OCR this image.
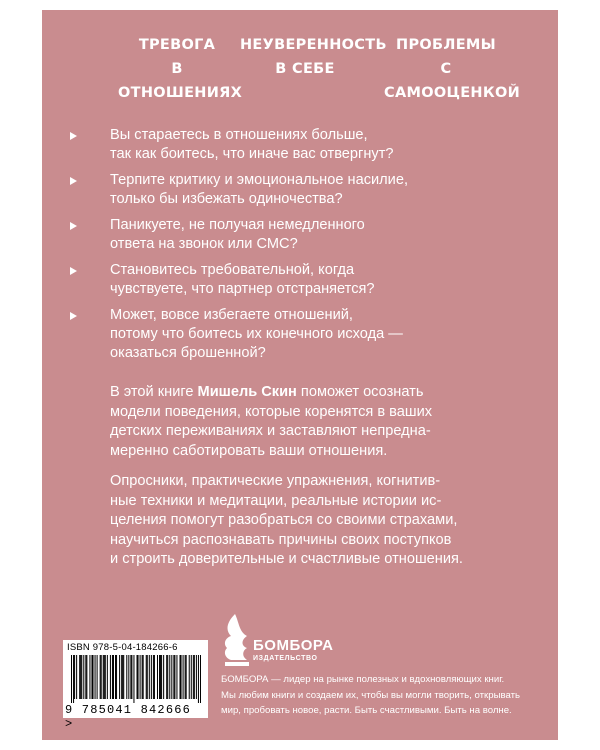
ТРЕВОГА
В ОТНОШЕНИЯХ
НЕУВЕРЕННОСТЬ
В СЕБЕ
ПРОБЛЕМЫ
С САМООЦЕНКОЙ
Вы стараетесь в отношениях больше,
так как боитесь, что иначе вас отвергнут?
Терпите критику и эмоциональное насилие,
только бы избежать одиночества?
Паникуете, не получая немедленного
ответа на звонок или СМС?
Становитесь требовательной, когда
чувствуете, что партнер отстраняется?
Может, вовсе избегаете отношений,
потому что боитесь их конечного исхода —
оказаться брошенной?
В этой книге Мишель Скин поможет осознать
модели поведения, которые коренятся в ваших
детских переживаниях и заставляют непредна-
меренно саботировать ваши отношения.
Опросники, практические упражнения, когнитив-
ные техники и медитации, реальные истории ис-
целения помогут разобраться со своими страхами,
научиться распознавать причины своих поступков
и строить доверительные и счастливые отношения.
ISBN 978-5-04-184266-6
9 785041 842666 >
БОМБОРА
ИЗДАТЕЛЬСТВО
БОМБОРА — лидер на рынке полезных и вдохновляющих книг.
Мы любим книги и создаем их, чтобы вы могли творить, открывать
мир, пробовать новое, расти. Быть счастливыми. Быть на волне.
